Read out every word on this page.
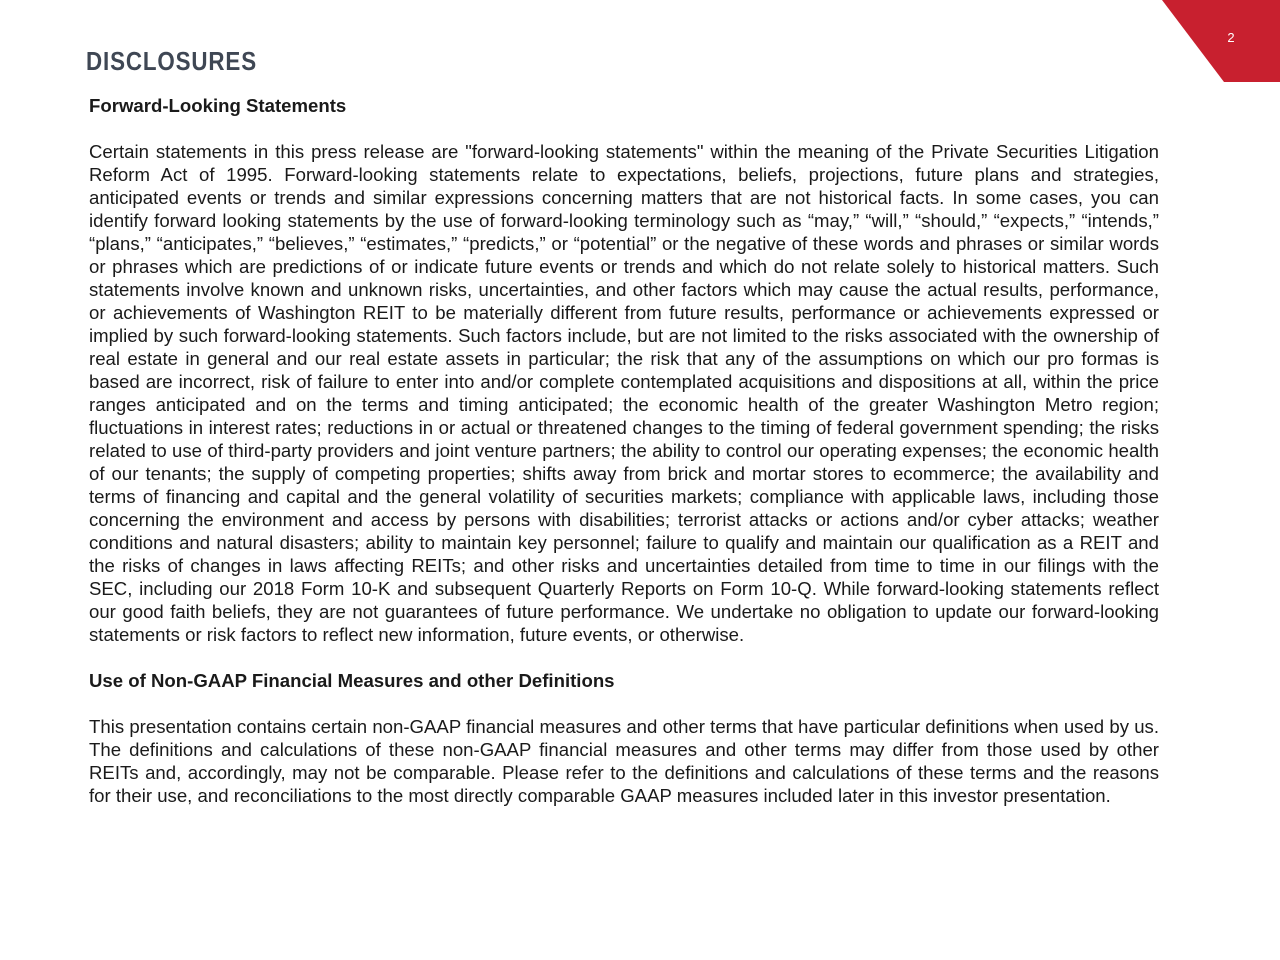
2
DISCLOSURES

Forward-Looking Statements

Certain statements in this press release are "forward-looking statements" within the meaning of the Private Securities Litigation Reform Act of 1995. Forward-looking statements relate to expectations, beliefs, projections, future plans and strategies, anticipated events or trends and similar expressions concerning matters that are not historical facts. In some cases, you can identify forward looking statements by the use of forward-looking terminology such as “may,” “will,” “should,” “expects,” “intends,” “plans,” “anticipates,” “believes,” “estimates,” “predicts,” or “potential” or the negative of these words and phrases or similar words or phrases which are predictions of or indicate future events or trends and which do not relate solely to historical matters. Such statements involve known and unknown risks, uncertainties, and other factors which may cause the actual results, performance, or achievements of Washington REIT to be materially different from future results, performance or achievements expressed or implied by such forward-looking statements. Such factors include, but are not limited to the risks associated with the ownership of real estate in general and our real estate assets in particular; the risk that any of the assumptions on which our pro formas is based are incorrect, risk of failure to enter into and/or complete contemplated acquisitions and dispositions at all, within the price ranges anticipated and on the terms and timing anticipated; the economic health of the greater Washington Metro region; fluctuations in interest rates; reductions in or actual or threatened changes to the timing of federal government spending; the risks related to use of third-party providers and joint venture partners; the ability to control our operating expenses; the economic health of our tenants; the supply of competing properties; shifts away from brick and mortar stores to ecommerce; the availability and terms of financing and capital and the general volatility of securities markets; compliance with applicable laws, including those concerning the environment and access by persons with disabilities; terrorist attacks or actions and/or cyber attacks; weather conditions and natural disasters; ability to maintain key personnel; failure to qualify and maintain our qualification as a REIT and the risks of changes in laws affecting REITs; and other risks and uncertainties detailed from time to time in our filings with the SEC, including our 2018 Form 10-K and subsequent Quarterly Reports on Form 10-Q. While forward-looking statements reflect our good faith beliefs, they are not guarantees of future performance. We undertake no obligation to update our forward-looking statements or risk factors to reflect new information, future events, or otherwise.

Use of Non-GAAP Financial Measures and other Definitions

This presentation contains certain non-GAAP financial measures and other terms that have particular definitions when used by us. The definitions and calculations of these non-GAAP financial measures and other terms may differ from those used by other REITs and, accordingly, may not be comparable. Please refer to the definitions and calculations of these terms and the reasons for their use, and reconciliations to the most directly comparable GAAP measures included later in this investor presentation.
